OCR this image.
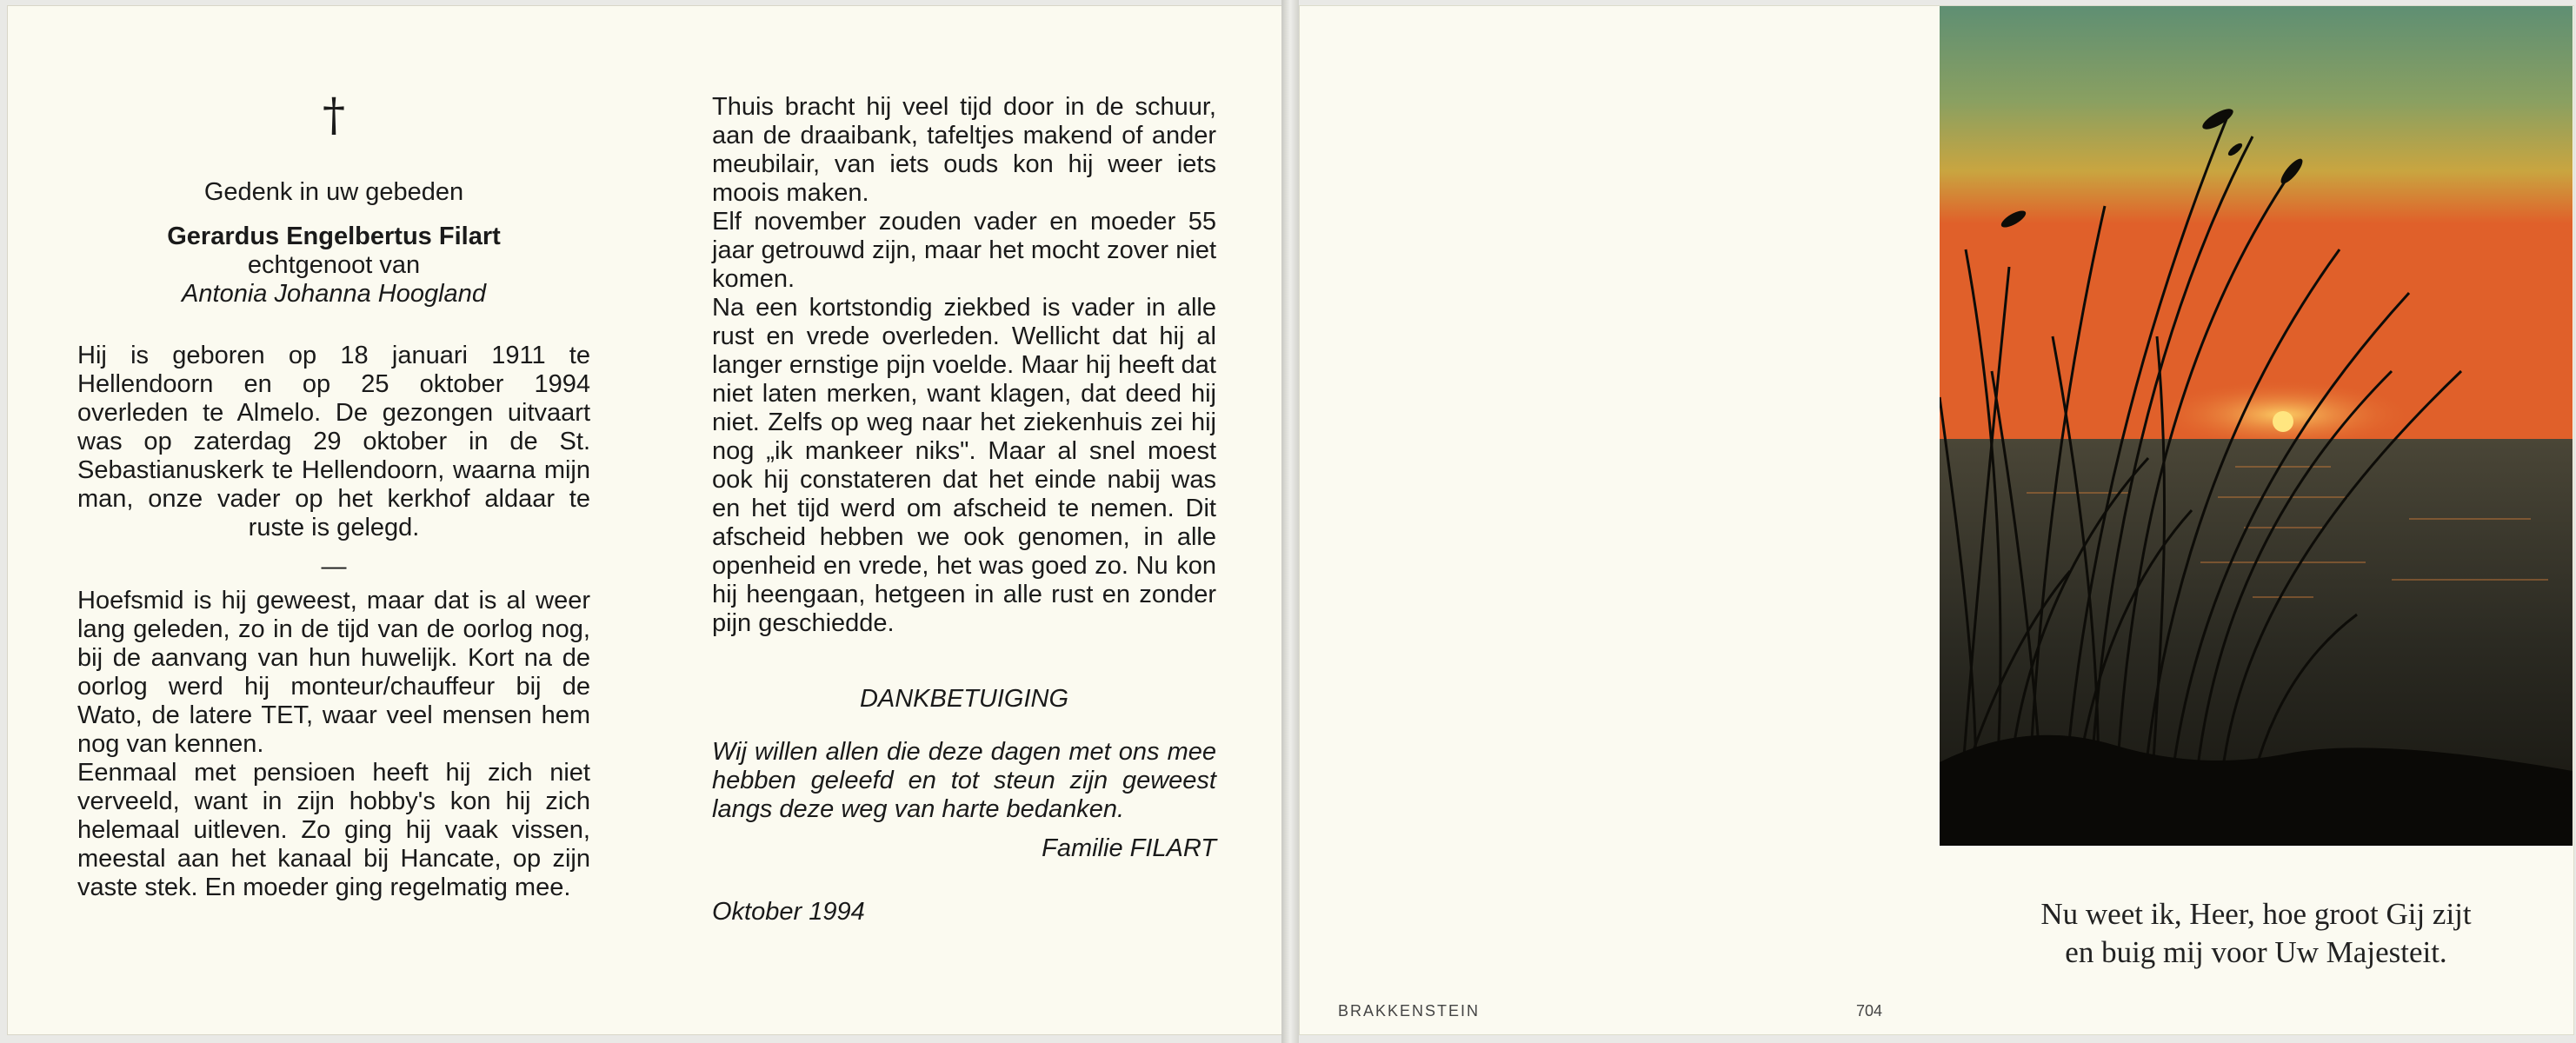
†
Gedenk in uw gebeden
Gerardus Engelbertus Filart
echtgenoot van
Antonia Johanna Hoogland
Hij is geboren op 18 januari 1911 te Hellendoorn en op 25 oktober 1994 overleden te Almelo. De gezongen uitvaart was op zaterdag 29 oktober in de St. Sebastianuskerk te Hellendoorn, waarna mijn man, onze vader op het kerkhof aldaar te ruste is gelegd.
—
Hoefsmid is hij geweest, maar dat is al weer lang geleden, zo in de tijd van de oorlog nog, bij de aanvang van hun huwelijk. Kort na de oorlog werd hij monteur/chauffeur bij de Wato, de latere TET, waar veel mensen hem nog van kennen.
Eenmaal met pensioen heeft hij zich niet verveeld, want in zijn hobby's kon hij zich helemaal uitleven. Zo ging hij vaak vissen, meestal aan het kanaal bij Hancate, op zijn vaste stek. En moeder ging regelmatig mee.
Thuis bracht hij veel tijd door in de schuur, aan de draaibank, tafeltjes makend of ander meubilair, van iets ouds kon hij weer iets moois maken.
Elf november zouden vader en moeder 55 jaar getrouwd zijn, maar het mocht zover niet komen.
Na een kortstondig ziekbed is vader in alle rust en vrede overleden. Wellicht dat hij al langer ernstige pijn voelde. Maar hij heeft dat niet laten merken, want klagen, dat deed hij niet. Zelfs op weg naar het ziekenhuis zei hij nog „ik mankeer niks". Maar al snel moest ook hij constateren dat het einde nabij was en het tijd werd om afscheid te nemen. Dit afscheid hebben we ook genomen, in alle openheid en vrede, het was goed zo. Nu kon hij heengaan, hetgeen in alle rust en zonder pijn geschiedde.
DANKBETUIGING
Wij willen allen die deze dagen met ons mee hebben geleefd en tot steun zijn geweest langs deze weg van harte bedanken.
Familie FILART
Oktober 1994	Nu weet ik, Heer, hoe groot Gij zijt
en buig mij voor Uw Majesteit.
BRAKKENSTEIN	704
